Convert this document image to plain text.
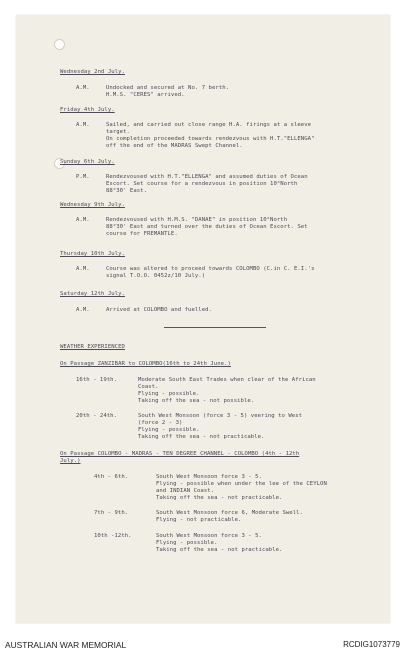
Wednesday 2nd July.
A.M.	Undocked and secured at No. 7 berth.
H.M.S. "CERES" arrived.
Friday 4th July.
A.M.	Sailed, and carried out close range H.A. firings at a sleeve
target.
On completion proceeded towards rendezvous with H.T."ELLENGA"
off the end of the MADRAS Swept Channel.
Sunday 6th July.
P.M.	Rendezvoused with H.T."ELLENGA" and assumed duties of Ocean
Escort. Set course for a rendezvous in position 10°North
88°30' East.
Wednesday 9th July.
A.M.	Rendezvoused with H.M.S. "DANAE" in position 10°North
88°30' East and turned over the duties of Ocean Escort. Set
course for FREMANTLE.
Thursday 10th July.
A.M.	Course was altered to proceed towards COLOMBO (C.in C. E.I.'s
signal T.O.O. 0452z/10 July.)
Saturday 12th July.
A.M.	Arrived at COLOMBO and fuelled.
WEATHER EXPERIENCED
On Passage ZANZIBAR to COLOMBO(16th to 24th June.)
16th - 19th.	Moderate South East Trades when clear of the African
Coast.
Flying - possible.
Taking off the sea - not possible.
20th - 24th.	South West Monsoon (force 3 - 5) veering to West
(force 2 - 3)
Flying - possible.
Taking off the sea - not practicable.
On Passage COLOMBO - MADRAS - TEN DEGREE CHANNEL - COLOMBO (4th - 12th
July.)
4th - 6th.	South West Monsoon force 3 - 5.
Flying - possible when under the lee of the CEYLON
and INDIAN Coast.
Taking off the sea - not practicable.
7th - 9th.	South West Monsoon force 6, Moderate Swell.
Flying - not practicable.
10th -12th.	South West Monsoon force 3 - 5.
Flying - possible.
Taking off the sea - not practicable.
AUSTRALIAN WAR MEMORIAL	RCDIG1073779
